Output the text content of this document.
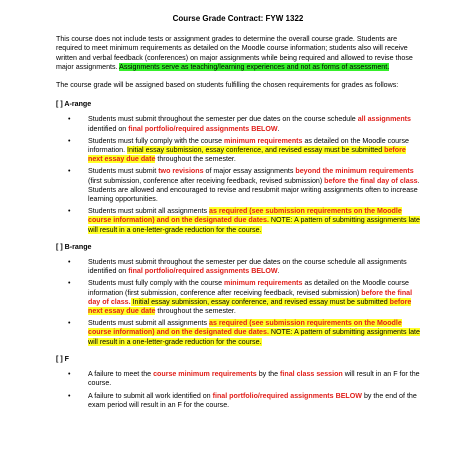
Course Grade Contract: FYW 1322

This course does not include tests or assignment grades to determine the overall course grade. Students are required to meet minimum requirements as detailed on the Moodle course information; students also will receive written and verbal feedback (conferences) on major assignments while being required and allowed to revise those major assignments. Assignments serve as teaching/learning experiences and not as forms of assessment.

The course grade will be assigned based on students fulfilling the chosen requirements for grades as follows:

[ ] A-range
• Students must submit throughout the semester per due dates on the course schedule all assignments identified on final portfolio/required assignments BELOW.
• Students must fully comply with the course minimum requirements as detailed on the Moodle course information. Initial essay submission, essay conference, and revised essay must be submitted before next essay due date throughout the semester.
• Students must submit two revisions of major essay assignments beyond the minimum requirements (first submission, conference after receiving feedback, revised submission) before the final day of class. Students are allowed and encouraged to revise and resubmit major writing assignments often to increase learning opportunities.
• Students must submit all assignments as required (see submission requirements on the Moodle course information) and on the designated due dates. NOTE: A pattern of submitting assignments late will result in a one-letter-grade reduction for the course.
[ ] B-range
• Students must submit throughout the semester per due dates on the course schedule all assignments identified on final portfolio/required assignments BELOW.
• Students must fully comply with the course minimum requirements as detailed on the Moodle course information (first submission, conference after receiving feedback, revised submission) before the final day of class. Initial essay submission, essay conference, and revised essay must be submitted before next essay due date throughout the semester.
• Students must submit all assignments as required (see submission requirements on the Moodle course information) and on the designated due dates. NOTE: A pattern of submitting assignments late will result in a one-letter-grade reduction for the course.
[ ] F
• A failure to meet the course minimum requirements by the final class session will result in an F for the course.
• A failure to submit all work identified on final portfolio/required assignments BELOW by the end of the exam period will result in an F for the course.
